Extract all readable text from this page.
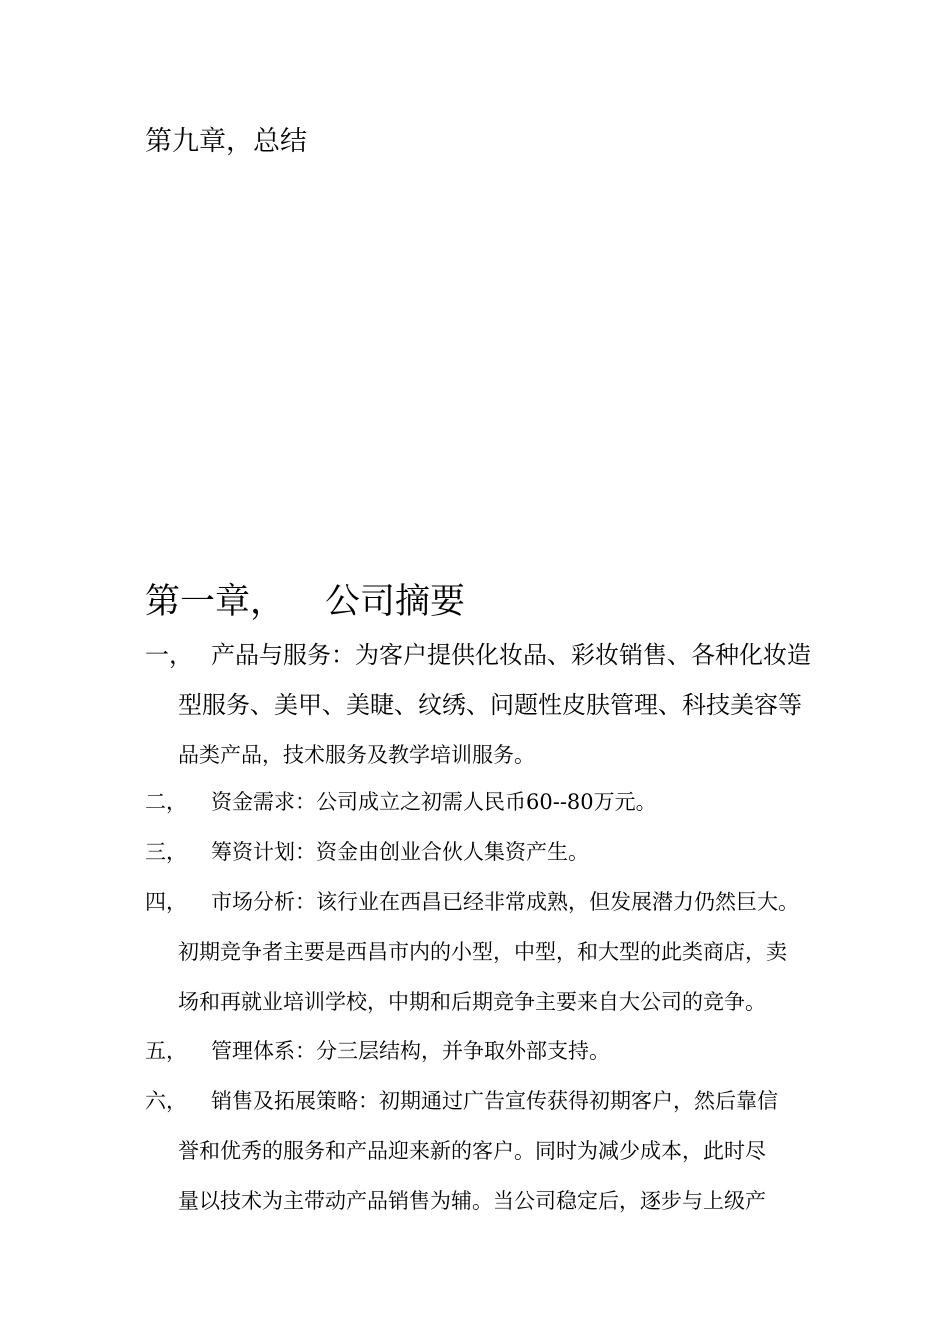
第九章，总结
第一章， 公司摘要
一， 产品与服务：为客户提供化妆品、彩妆销售、各种化妆造
型服务、美甲、美睫、纹绣、问题性皮肤管理、科技美容等
品类产品，技术服务及教学培训服务。
二， 资金需求：公司成立之初需人民币60--80万元。
三， 筹资计划：资金由创业合伙人集资产生。
四， 市场分析：该行业在西昌已经非常成熟，但发展潜力仍然巨大。
初期竞争者主要是西昌市内的小型，中型，和大型的此类商店，卖
场和再就业培训学校，中期和后期竞争主要来自大公司的竞争。
五， 管理体系：分三层结构，并争取外部支持。
六， 销售及拓展策略：初期通过广告宣传获得初期客户，然后靠信
誉和优秀的服务和产品迎来新的客户。同时为减少成本，此时尽
量以技术为主带动产品销售为辅。当公司稳定后，逐步与上级产
